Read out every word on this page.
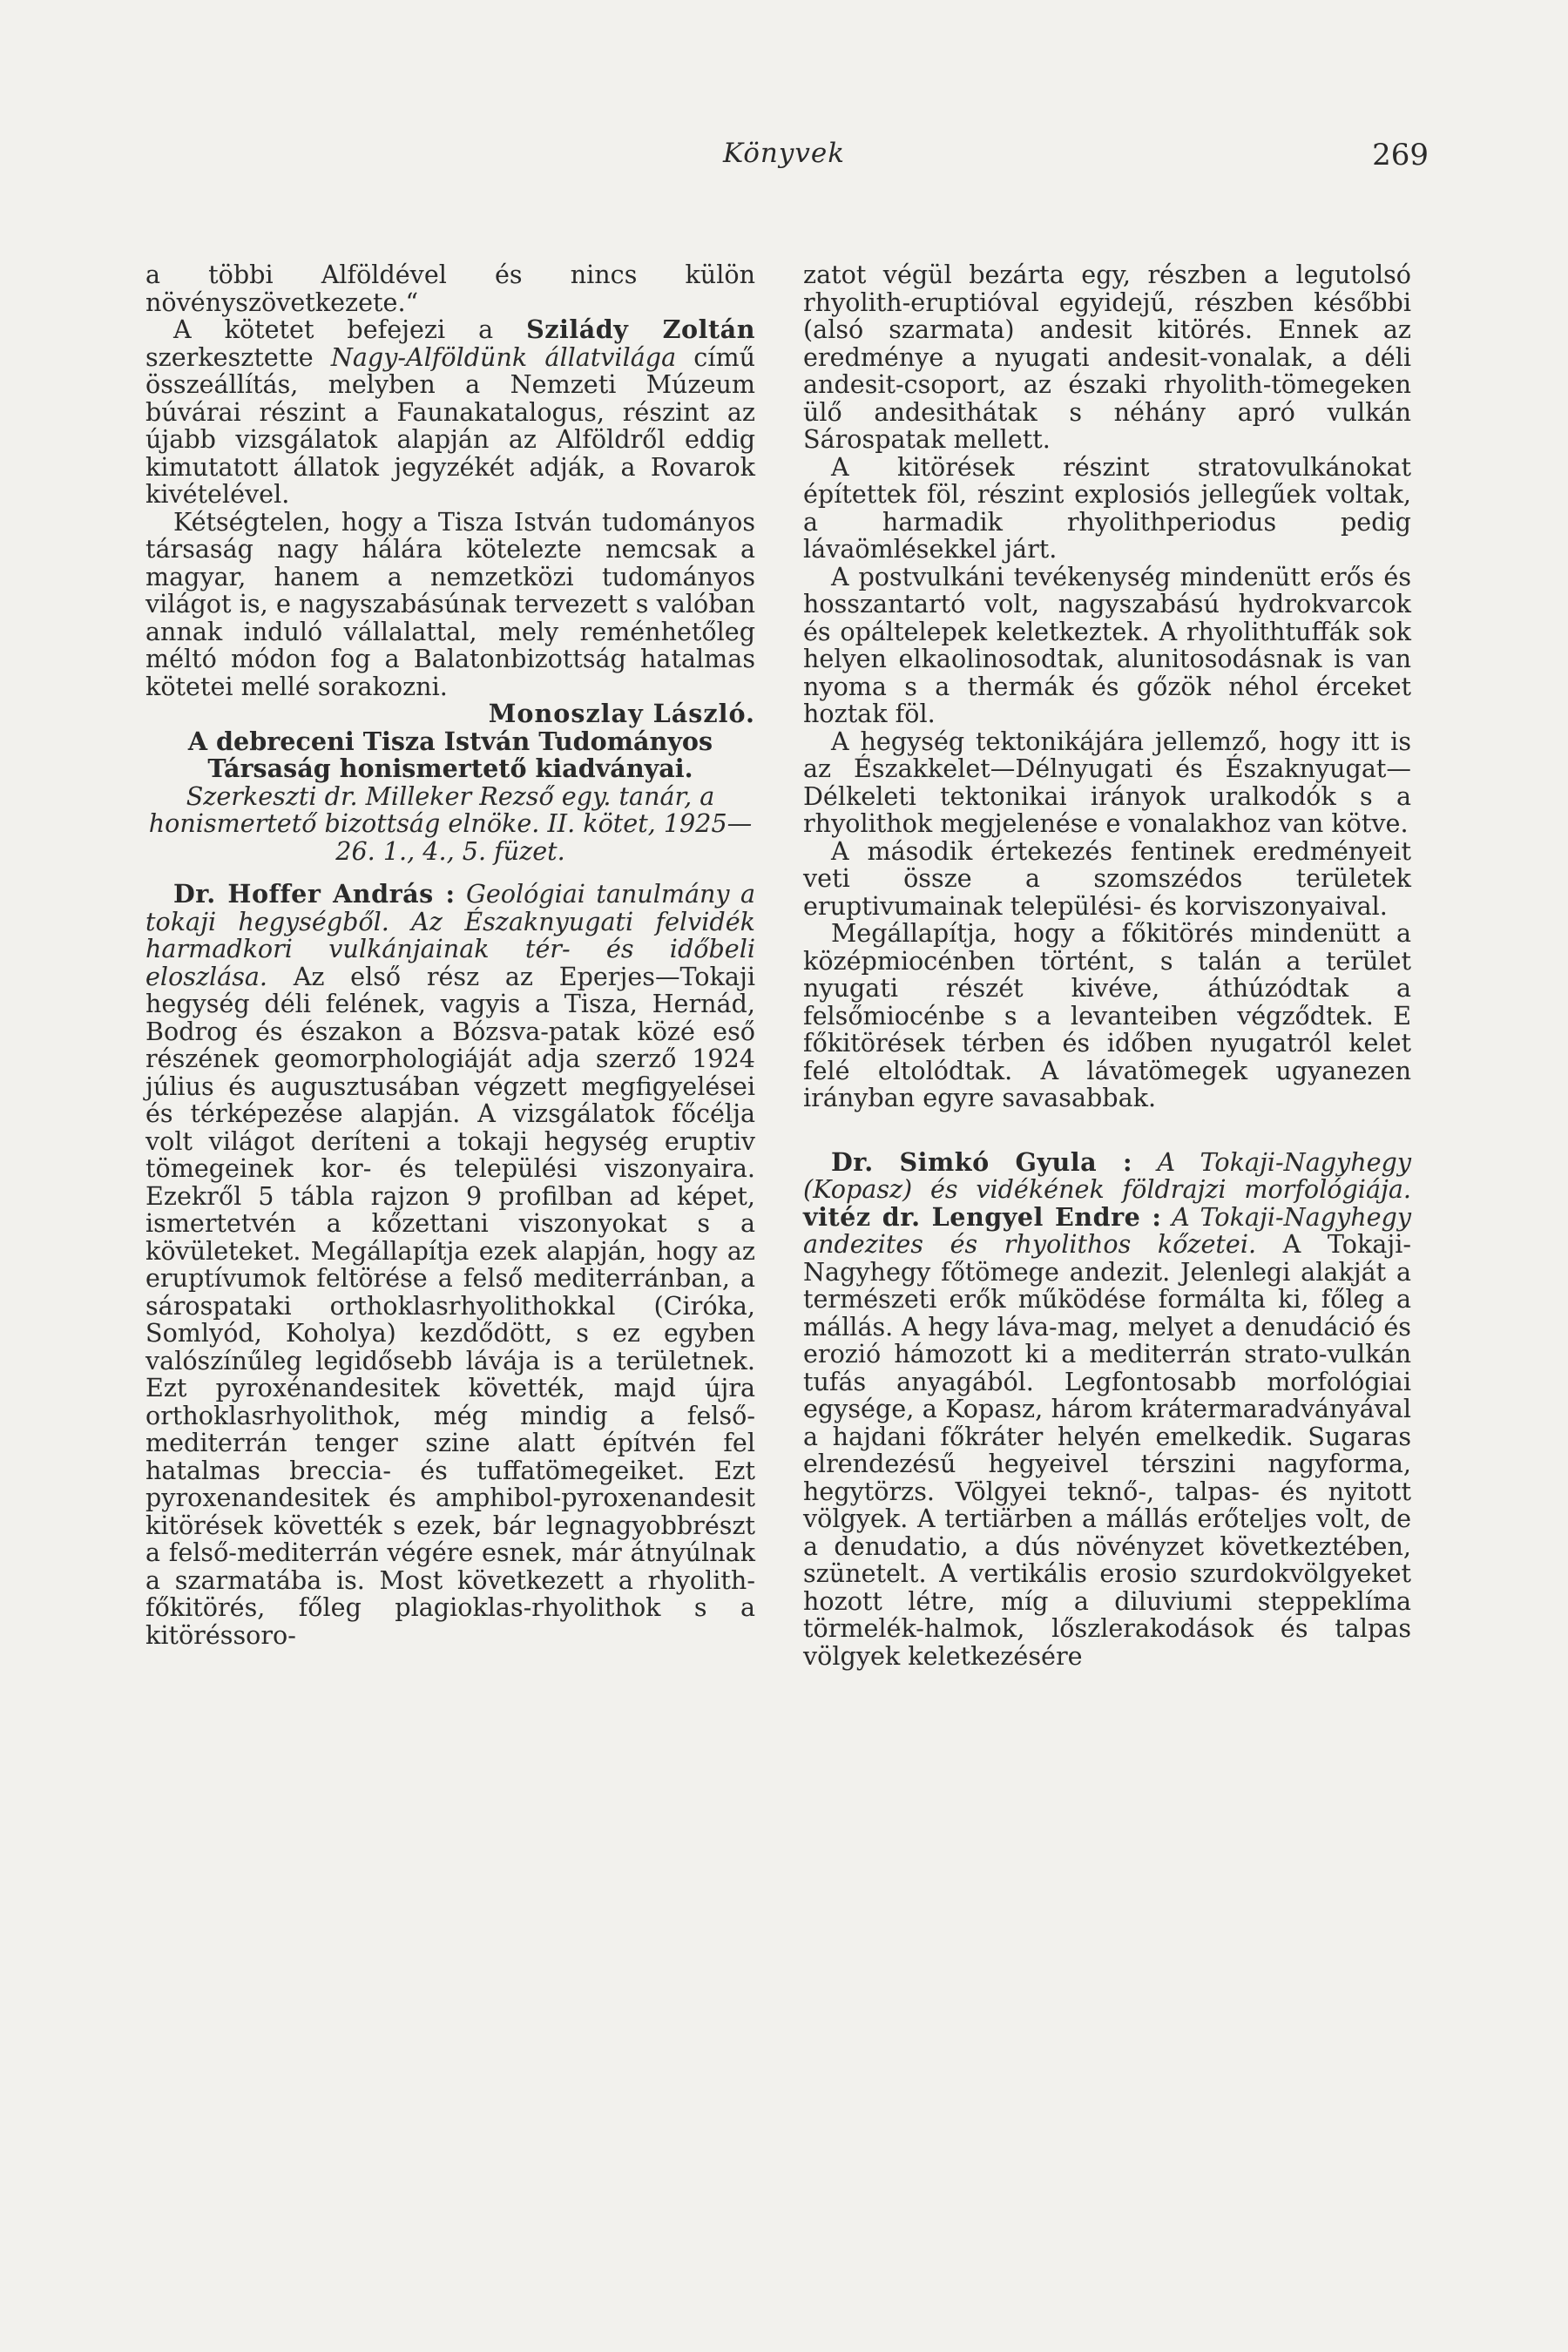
Könyvek	269

a többi Alföldével és nincs külön növényszövetkezete.“

A kötetet befejezi a Szilády Zoltán szerkesztette Nagy-Alföldünk állatvilága című összeállítás, melyben a Nemzeti Múzeum búvárai részint a Faunakatalogus, részint az újabb vizsgálatok alapján az Alföldről eddig kimutatott állatok jegyzékét adják, a Rovarok kivételével.

Kétségtelen, hogy a Tisza István tudományos társaság nagy hálára kötelezte nemcsak a magyar, hanem a nemzetközi tudományos világot is, e nagyszabásúnak tervezett s valóban annak induló vállalattal, mely reménhetőleg méltó módon fog a Balatonbizottság hatalmas kötetei mellé sorakozni.

Monoszlay László.

A debreceni Tisza István Tudományos Társaság honismertető kiadványai.

Szerkeszti dr. Milleker Rezső egy. tanár, a honismertető bizottság elnöke. II. kötet, 1925—26. 1., 4., 5. füzet.

Dr. Hoffer András : Geológiai tanulmány a tokaji hegységből. Az Északnyugati felvidék harmadkori vulkánjainak tér- és időbeli eloszlása. Az első rész az Eperjes—Tokaji hegység déli felének, vagyis a Tisza, Hernád, Bodrog és északon a Bózsva-patak közé eső részének geomorphologiáját adja szerző 1924 július és augusztusában végzett megfigyelései és térképezése alapján. A vizsgálatok főcélja volt világot deríteni a tokaji hegység eruptiv tömegeinek kor- és települési viszonyaira. Ezekről 5 tábla rajzon 9 profilban ad képet, ismertetvén a kőzettani viszonyokat s a kövületeket. Megállapítja ezek alapján, hogy az eruptívumok feltörése a felső mediterránban, a sárospataki orthoklasrhyolithokkal (Ciróka, Somlyód, Koholya) kezdődött, s ez egyben valószínűleg legidősebb lávája is a területnek. Ezt pyroxénandesitek követték, majd újra orthoklasrhyolithok, még mindig a felső-mediterrán tenger szine alatt építvén fel hatalmas breccia- és tuffatömegeiket. Ezt pyroxenandesitek és amphibol-pyroxenandesit kitörések követték s ezek, bár legnagyobbrészt a felső-mediterrán végére esnek, már átnyúlnak a szarmatába is. Most következett a rhyolith-főkitörés, főleg plagioklas-rhyolithok s a kitöréssoro-

zatot végül bezárta egy, részben a legutolsó rhyolith-eruptióval egyidejű, részben későbbi (alsó szarmata) andesit kitörés. Ennek az eredménye a nyugati andesit-vonalak, a déli andesit-csoport, az északi rhyolith-tömegeken ülő andesithátak s néhány apró vulkán Sárospatak mellett.

A kitörések részint stratovulkánokat építettek föl, részint explosiós jellegűek voltak, a harmadik rhyolithperiodus pedig lávaömlésekkel járt.

A postvulkáni tevékenység mindenütt erős és hosszantartó volt, nagyszabású hydrokvarcok és opáltelepek keletkeztek. A rhyolithtuffák sok helyen elkaolinosodtak, alunitosodásnak is van nyoma s a thermák és gőzök néhol érceket hoztak föl.

A hegység tektonikájára jellemző, hogy itt is az Északkelet—Délnyugati és Északnyugat—Délkeleti tektonikai irányok uralkodók s a rhyolithok megjelenése e vonalakhoz van kötve.

A második értekezés fentinek eredményeit veti össze a szomszédos területek eruptivumainak települési- és korviszonyaival.

Megállapítja, hogy a főkitörés mindenütt a középmiocénben történt, s talán a terület nyugati részét kivéve, áthúzódtak a felsőmiocénbe s a levanteiben végződtek. E főkitörések térben és időben nyugatról kelet felé eltolódtak. A lávatömegek ugyanezen irányban egyre savasabbak.

Dr. Simkó Gyula : A Tokaji-Nagyhegy (Kopasz) és vidékének földrajzi morfológiája. vitéz dr. Lengyel Endre : A Tokaji-Nagyhegy andezites és rhyolithos kőzetei. A Tokaji-Nagyhegy főtömege andezit. Jelenlegi alakját a természeti erők működése formálta ki, főleg a mállás. A hegy láva-mag, melyet a denudáció és erozió hámozott ki a mediterrán strato-vulkán tufás anyagából. Legfontosabb morfológiai egysége, a Kopasz, három krátermaradványával a hajdani főkráter helyén emelkedik. Sugaras elrendezésű hegyeivel térszini nagyforma, hegytörzs. Völgyei teknő-, talpas- és nyitott völgyek. A tertiärben a mállás erőteljes volt, de a denudatio, a dús növényzet következtében, szünetelt. A vertikális erosio szurdokvölgyeket hozott létre, míg a diluviumi steppeklíma törmelék-halmok, lőszlerakodások és talpas völgyek keletkezésére
